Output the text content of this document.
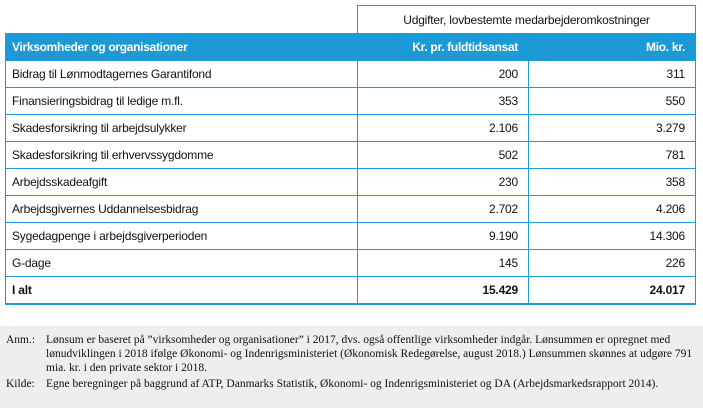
	Udgifter, lovbestemte medarbejderomkostninger	
Virksomheder og organisationer	Kr. pr. fuldtidsansat	Mio. kr.
Bidrag til Lønmodtagernes Garantifond	200	311
Finansieringsbidrag til ledige m.fl.	353	550
Skadesforsikring til arbejdsulykker	2.106	3.279
Skadesforsikring til erhvervssygdomme	502	781
Arbejdsskadeafgift	230	358
Arbejdsgivernes Uddannelsesbidrag	2.702	4.206
Sygedagpenge i arbejdsgiverperioden	9.190	14.306
G-dage	145	226
I alt	15.429	24.017
Anm.: Lønsum er baseret på ”virksomheder og organisationer” i 2017, dvs. også offentlige virksomheder indgår. Lønsummen er opregnet med lønudviklingen i 2018 ifølge Økonomi- og Indenrigsministeriet (Økonomisk Redegørelse, august 2018.) Lønsummen skønnes at udgøre 791 mia. kr. i den private sektor i 2018.
Kilde: Egne beregninger på baggrund af ATP, Danmarks Statistik, Økonomi- og Indenrigsministeriet og DA (Arbejdsmarkedsrapport 2014).
